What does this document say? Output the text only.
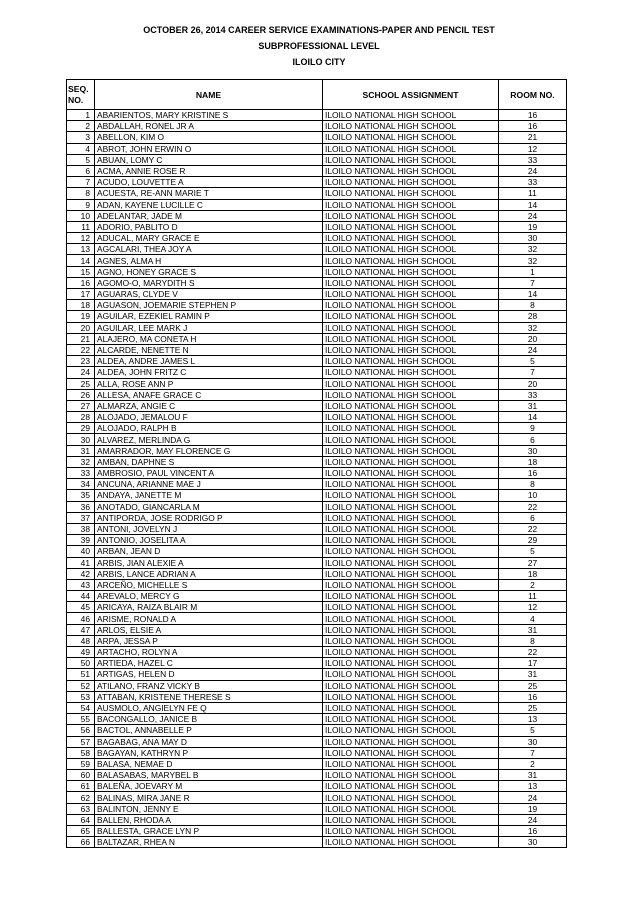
OCTOBER 26, 2014 CAREER SERVICE EXAMINATIONS-PAPER AND PENCIL TEST
SUBPROFESSIONAL LEVEL
ILOILO CITY
SEQ.
NO.	NAME	SCHOOL ASSIGNMENT	ROOM NO.
1	ABARIENTOS, MARY KRISTINE S	ILOILO NATIONAL HIGH SCHOOL	16
2	ABDALLAH, RONEL JR A	ILOILO NATIONAL HIGH SCHOOL	16
3	ABELLON, KIM O	ILOILO NATIONAL HIGH SCHOOL	21
4	ABROT, JOHN ERWIN O	ILOILO NATIONAL HIGH SCHOOL	12
5	ABUAN, LOMY C	ILOILO NATIONAL HIGH SCHOOL	33
6	ACMA, ANNIE ROSE R	ILOILO NATIONAL HIGH SCHOOL	24
7	ACUDO, LOUVETTE A	ILOILO NATIONAL HIGH SCHOOL	33
8	ACUESTA, RE-ANN MARIE T	ILOILO NATIONAL HIGH SCHOOL	11
9	ADAN, KAYENE LUCILLE C	ILOILO NATIONAL HIGH SCHOOL	14
10	ADELANTAR, JADE M	ILOILO NATIONAL HIGH SCHOOL	24
11	ADORIO, PABLITO D	ILOILO NATIONAL HIGH SCHOOL	19
12	ADUCAL, MARY GRACE E	ILOILO NATIONAL HIGH SCHOOL	30
13	AGCALARI, THEA JOY A	ILOILO NATIONAL HIGH SCHOOL	32
14	AGNES, ALMA H	ILOILO NATIONAL HIGH SCHOOL	32
15	AGNO, HONEY GRACE S	ILOILO NATIONAL HIGH SCHOOL	1
16	AGOMO-O, MARYDITH S	ILOILO NATIONAL HIGH SCHOOL	7
17	AGUARAS, CLYDE V	ILOILO NATIONAL HIGH SCHOOL	14
18	AGUASON, JOEMARIE STEPHEN P	ILOILO NATIONAL HIGH SCHOOL	8
19	AGUILAR, EZEKIEL RAMIN P	ILOILO NATIONAL HIGH SCHOOL	28
20	AGUILAR, LEE MARK J	ILOILO NATIONAL HIGH SCHOOL	32
21	ALAJERO, MA CONETA H	ILOILO NATIONAL HIGH SCHOOL	20
22	ALCARDE, NENETTE N	ILOILO NATIONAL HIGH SCHOOL	24
23	ALDEA, ANDRE JAMES L	ILOILO NATIONAL HIGH SCHOOL	5
24	ALDEA, JOHN FRITZ C	ILOILO NATIONAL HIGH SCHOOL	7
25	ALLA, ROSE ANN P	ILOILO NATIONAL HIGH SCHOOL	20
26	ALLESA, ANAFE GRACE C	ILOILO NATIONAL HIGH SCHOOL	33
27	ALMARZA, ANGIE C	ILOILO NATIONAL HIGH SCHOOL	31
28	ALOJADO, JEMALOU F	ILOILO NATIONAL HIGH SCHOOL	14
29	ALOJADO, RALPH B	ILOILO NATIONAL HIGH SCHOOL	9
30	ALVAREZ, MERLINDA G	ILOILO NATIONAL HIGH SCHOOL	6
31	AMARRADOR, MAY FLORENCE G	ILOILO NATIONAL HIGH SCHOOL	30
32	AMBAN, DAPHNE S	ILOILO NATIONAL HIGH SCHOOL	18
33	AMBROSIO, PAUL VINCENT A	ILOILO NATIONAL HIGH SCHOOL	16
34	ANCUNA, ARIANNE MAE J	ILOILO NATIONAL HIGH SCHOOL	8
35	ANDAYA, JANETTE M	ILOILO NATIONAL HIGH SCHOOL	10
36	ANOTADO, GIANCARLA M	ILOILO NATIONAL HIGH SCHOOL	22
37	ANTIPORDA, JOSE RODRIGO P	ILOILO NATIONAL HIGH SCHOOL	6
38	ANTONI, JOVELYN J	ILOILO NATIONAL HIGH SCHOOL	22
39	ANTONIO, JOSELITA A	ILOILO NATIONAL HIGH SCHOOL	29
40	ARBAN, JEAN D	ILOILO NATIONAL HIGH SCHOOL	5
41	ARBIS, JIAN ALEXIE A	ILOILO NATIONAL HIGH SCHOOL	27
42	ARBIS, LANCE ADRIAN A	ILOILO NATIONAL HIGH SCHOOL	18
43	ARCEÑO, MICHELLE S	ILOILO NATIONAL HIGH SCHOOL	2
44	AREVALO, MERCY G	ILOILO NATIONAL HIGH SCHOOL	11
45	ARICAYA, RAIZA BLAIR M	ILOILO NATIONAL HIGH SCHOOL	12
46	ARISME, RONALD A	ILOILO NATIONAL HIGH SCHOOL	4
47	ARLOS, ELSIE A	ILOILO NATIONAL HIGH SCHOOL	31
48	ARPA, JESSA P	ILOILO NATIONAL HIGH SCHOOL	8
49	ARTACHO, ROLYN A	ILOILO NATIONAL HIGH SCHOOL	22
50	ARTIEDA, HAZEL C	ILOILO NATIONAL HIGH SCHOOL	17
51	ARTIGAS, HELEN D	ILOILO NATIONAL HIGH SCHOOL	31
52	ATILANO, FRANZ VICKY B	ILOILO NATIONAL HIGH SCHOOL	25
53	ATTABAN, KRISTENE THERESE S	ILOILO NATIONAL HIGH SCHOOL	16
54	AUSMOLO, ANGIELYN FE Q	ILOILO NATIONAL HIGH SCHOOL	25
55	BACONGALLO, JANICE B	ILOILO NATIONAL HIGH SCHOOL	13
56	BACTOL, ANNABELLE P	ILOILO NATIONAL HIGH SCHOOL	5
57	BAGABAG, ANA MAY D	ILOILO NATIONAL HIGH SCHOOL	30
58	BAGAYAN, KATHRYN P	ILOILO NATIONAL HIGH SCHOOL	7
59	BALASA, NEMAE D	ILOILO NATIONAL HIGH SCHOOL	2
60	BALASABAS, MARYBEL B	ILOILO NATIONAL HIGH SCHOOL	31
61	BALEÑA, JOEVARY M	ILOILO NATIONAL HIGH SCHOOL	13
62	BALINAS, MIRA JANE R	ILOILO NATIONAL HIGH SCHOOL	24
63	BALINTON, JENNY E	ILOILO NATIONAL HIGH SCHOOL	19
64	BALLEN, RHODA A	ILOILO NATIONAL HIGH SCHOOL	24
65	BALLESTA, GRACE LYN P	ILOILO NATIONAL HIGH SCHOOL	16
66	BALTAZAR, RHEA N	ILOILO NATIONAL HIGH SCHOOL	30
